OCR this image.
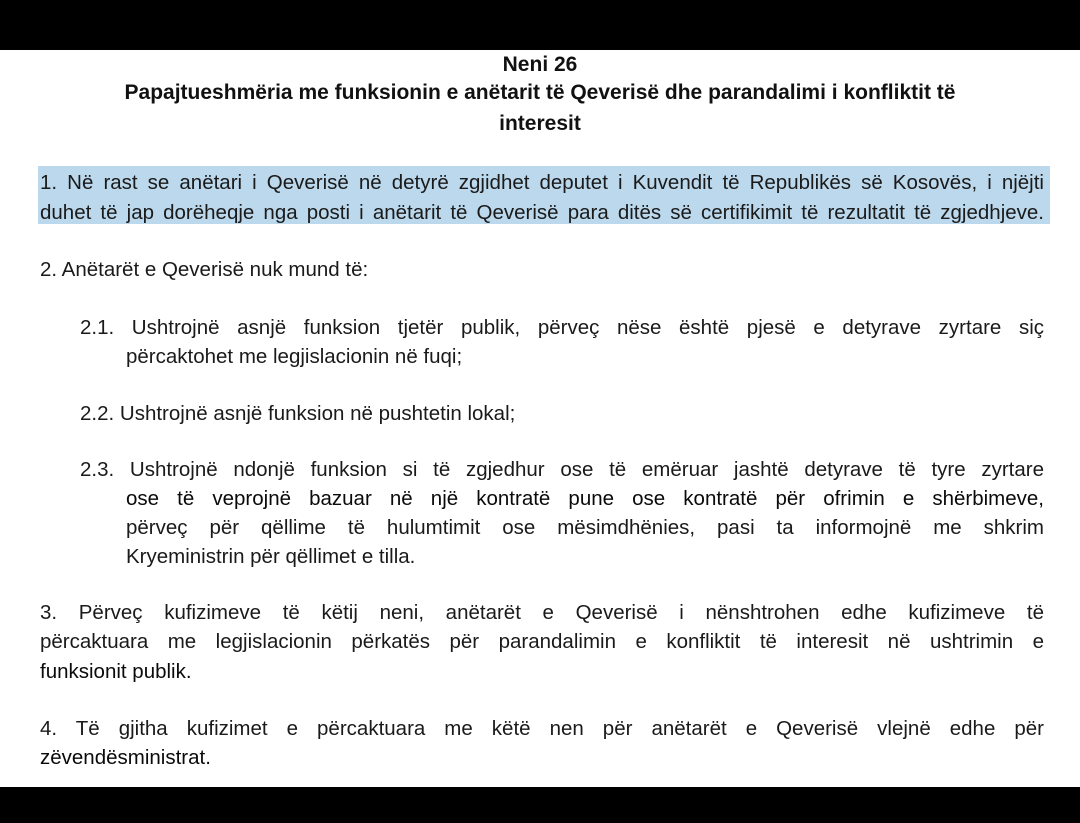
Neni 26
Papajtueshmëria me funksionin e anëtarit të Qeverisë dhe parandalimi i konfliktit të
interesit
1. Në rast se anëtari i Qeverisë në detyrë zgjidhet deputet i Kuvendit të Republikës së Kosovës, i njëjti
duhet të jap dorëheqje nga posti i anëtarit të Qeverisë para ditës së certifikimit të rezultatit të zgjedhjeve.
2. Anëtarët e Qeverisë nuk mund të:
2.1. Ushtrojnë asnjë funksion tjetër publik, përveç nëse është pjesë e detyrave zyrtare siç
përcaktohet me legjislacionin në fuqi;
2.2. Ushtrojnë asnjë funksion në pushtetin lokal;
2.3. Ushtrojnë ndonjë funksion si të zgjedhur ose të emëruar jashtë detyrave të tyre zyrtare
ose të veprojnë bazuar në një kontratë pune ose kontratë për ofrimin e shërbimeve,
përveç për qëllime të hulumtimit ose mësimdhënies, pasi ta informojnë me shkrim
Kryeministrin për qëllimet e tilla.
3. Përveç kufizimeve të këtij neni, anëtarët e Qeverisë i nënshtrohen edhe kufizimeve të
përcaktuara me legjislacionin përkatës për parandalimin e konfliktit të interesit në ushtrimin e
funksionit publik.
4. Të gjitha kufizimet e përcaktuara me këtë nen për anëtarët e Qeverisë vlejnë edhe për
zëvendësministrat.
